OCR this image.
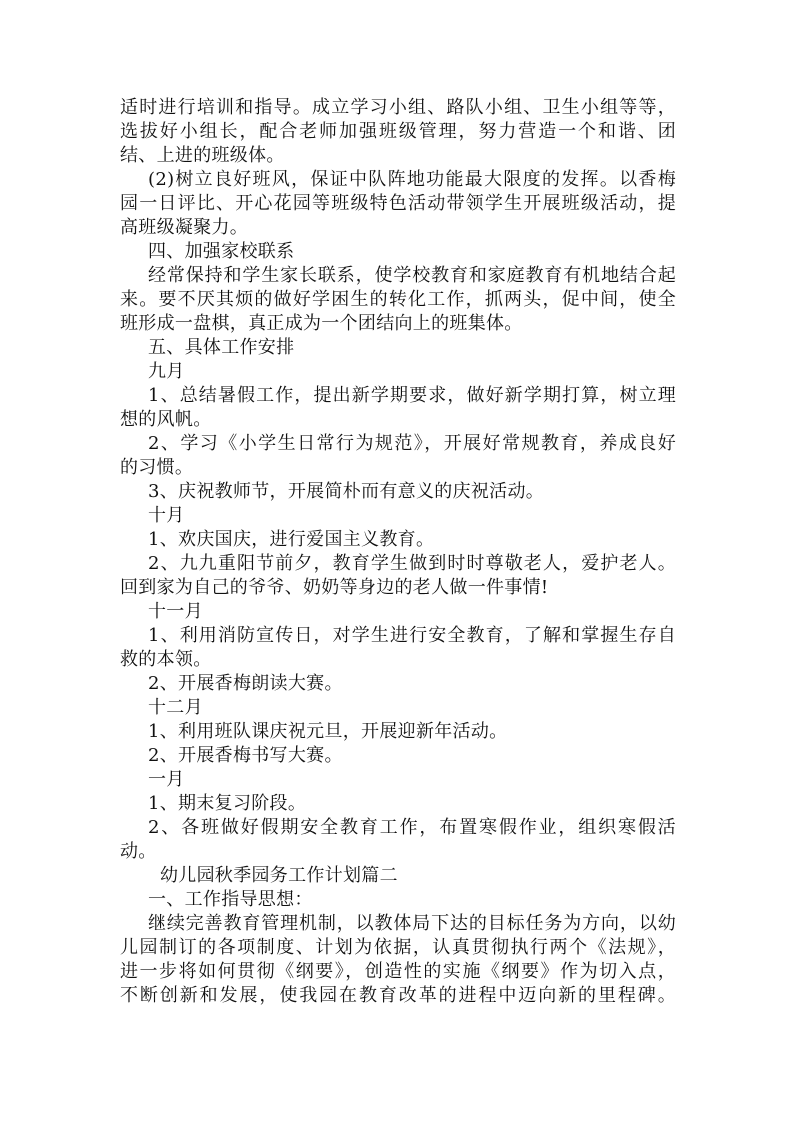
适时进行培训和指导。成立学习小组、路队小组、卫生小组等等，
选拔好小组长，配合老师加强班级管理，努力营造一个和谐、团
结、上进的班级体。
(2)树立良好班风，保证中队阵地功能最大限度的发挥。以香梅
园一日评比、开心花园等班级特色活动带领学生开展班级活动，提
高班级凝聚力。
四、加强家校联系
经常保持和学生家长联系，使学校教育和家庭教育有机地结合起
来。要不厌其烦的做好学困生的转化工作，抓两头，促中间，使全
班形成一盘棋，真正成为一个团结向上的班集体。
五、具体工作安排
九月
1、总结暑假工作，提出新学期要求，做好新学期打算，树立理
想的风帆。
2、学习《小学生日常行为规范》，开展好常规教育，养成良好
的习惯。
3、庆祝教师节，开展简朴而有意义的庆祝活动。
十月
1、欢庆国庆，进行爱国主义教育。
2、九九重阳节前夕，教育学生做到时时尊敬老人，爱护老人。
回到家为自己的爷爷、奶奶等身边的老人做一件事情!
十一月
1、利用消防宣传日，对学生进行安全教育，了解和掌握生存自
救的本领。
2、开展香梅朗读大赛。
十二月
1、利用班队课庆祝元旦，开展迎新年活动。
2、开展香梅书写大赛。
一月
1、期末复习阶段。
2、各班做好假期安全教育工作，布置寒假作业，组织寒假活
动。
幼儿园秋季园务工作计划篇二
一、工作指导思想：
继续完善教育管理机制，以教体局下达的目标任务为方向，以幼
儿园制订的各项制度、计划为依据，认真贯彻执行两个《法规》，
进一步将如何贯彻《纲要》，创造性的实施《纲要》作为切入点，
不断创新和发展，使我园在教育改革的进程中迈向新的里程碑。
